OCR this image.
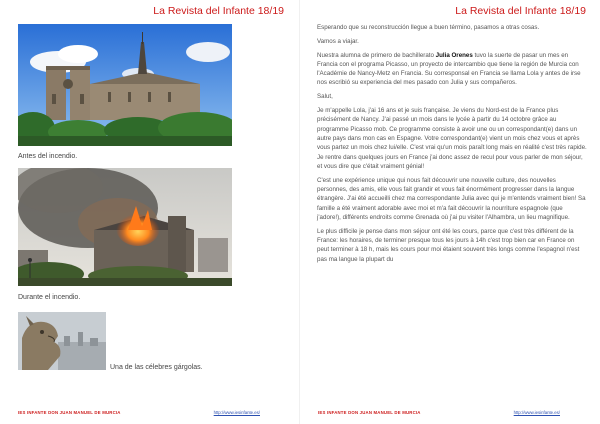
La Revista del Infante 18/19
Antes del incendio.
Durante el incendio.
Una de las célebres gárgolas.
IES INFANTE DON JUAN MANUEL DE MURCIA	http://www.iesinfante.es/
La Revista del Infante 18/19

Esperando que su reconstrucción llegue a buen término, pasamos a otras cosas.

Vamos a viajar.

Nuestra alumna de primero de bachillerato Julia Orenes tuvo la suerte de pasar un mes en Francia con el programa Picasso, un proyecto de intercambio que tiene la región de Murcia con l'Académie de Nancy-Metz en Francia. Su corresponsal en Francia se llama Lola y antes de irse nos escribió su experiencia del mes pasado con Julia y sus compañeros.

Salut,

Je m'appelle Lola, j'ai 16 ans et je suis française. Je viens du Nord-est de la France plus précisément de Nancy. J'ai passé un mois dans le lycée à partir du 14 octobre grâce au programme Picasso mob. Ce programme consiste à avoir une ou un correspondant(e) dans un autre pays dans mon cas en Espagne. Votre correspondant(e) vient un mois chez vous et après vous partez un mois chez lui/elle. C'est vrai qu'un mois paraît long mais en réalité c'est très rapide. Je rentre dans quelques jours en France j'ai donc assez de recul pour vous parler de mon séjour, et vous dire que c'était vraiment génial!

C'est une expérience unique qui nous fait découvrir une nouvelle culture, des nouvelles personnes, des amis, elle vous fait grandir et vous fait énormément progresser dans la langue étrangère. J'ai été accueilli chez ma correspondante Julia avec qui je m'entends vraiment bien! Sa famille a été vraiment adorable avec moi et m'a fait découvrir la nourriture espagnole (que j'adore!), différents endroits comme Grenada où j'ai pu visiter l'Alhambra, un lieu magnifique.

Le plus difficile je pense dans mon séjour ont été les cours, parce que c'est très différent de la France: les horaires, de terminer presque tous les jours à 14h c'est trop bien car en France on peut terminer à 18 h, mais les cours pour moi étaient souvent très longs comme l'espagnol n'est pas ma langue la plupart du

IES INFANTE DON JUAN MANUEL DE MURCIA	http://www.iesinfante.es/
